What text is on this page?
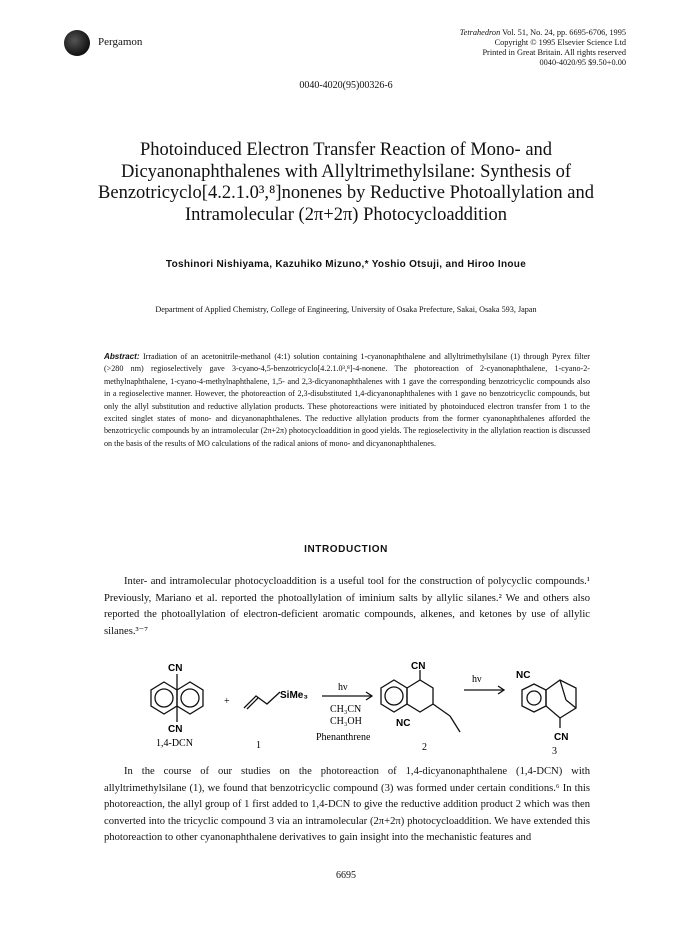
Pergamon
Tetrahedron Vol. 51, No. 24, pp. 6695-6706, 1995
Copyright © 1995 Elsevier Science Ltd
Printed in Great Britain. All rights reserved
0040-4020/95 $9.50+0.00
0040-4020(95)00326-6
Photoinduced Electron Transfer Reaction of Mono- and
Dicyanonaphthalenes with Allyltrimethylsilane: Synthesis of
Benzotricyclo[4.2.1.0³,⁸]nonenes by Reductive Photoallylation and
Intramolecular (2π+2π) Photocycloaddition
Toshinori Nishiyama, Kazuhiko Mizuno,* Yoshio Otsuji, and Hiroo Inoue
Department of Applied Chemistry, College of Engineering, University of Osaka Prefecture, Sakai, Osaka 593, Japan
Abstract: Irradiation of an acetonitrile-methanol (4:1) solution containing 1-cyanonaphthalene and allyltrimethylsilane (1) through Pyrex filter (>280 nm) regioselectively gave 3-cyano-4,5-benzotricyclo[4.2.1.0³,⁸]-4-nonene. The photoreaction of 2-cyanonaphthalene, 1-cyano-2-methylnaphthalene, 1-cyano-4-methylnaphthalene, 1,5- and 2,3-dicyanonaphthalenes with 1 gave the corresponding benzotricyclic compounds also in a regioselective manner. However, the photoreaction of 2,3-disubstituted 1,4-dicyanonaphthalenes with 1 gave no benzotricyclic compounds, but only the allyl substitution and reductive allylation products. These photoreactions were initiated by photoinduced electron transfer from 1 to the excited singlet states of mono- and dicyanonaphthalenes. The reductive allylation products from the former cyanonaphthalenes afforded the benzotricyclic compounds by an intramolecular (2π+2π) photocycloaddition in good yields. The regioselectivity in the allylation reaction is discussed on the basis of the results of MO calculations of the radical anions of mono- and dicyanonaphthalenes.
INTRODUCTION
Inter- and intramolecular photocycloaddition is a useful tool for the construction of polycyclic compounds.¹ Previously, Mariano et al. reported the photoallylation of iminium salts by allylic silanes.² We and others also reported the photoallylation of electron-deficient aromatic compounds, alkenes, and ketones by use of allylic silanes.³⁻⁷
CN
CN
1,4-DCN
+
SiMe₃
1
hν
CH₃CN
CH₃OH
Phenanthrene
CN
NC
2
hν	NC
CN
3
In the course of our studies on the photoreaction of 1,4-dicyanonaphthalene (1,4-DCN) with allyltrimethylsilane (1), we found that benzotricyclic compound (3) was formed under certain conditions.⁶ In this photoreaction, the allyl group of 1 first added to 1,4-DCN to give the reductive addition product 2 which was then converted into the tricyclic compound 3 via an intramolecular (2π+2π) photocycloaddition. We have extended this photoreaction to other cyanonaphthalene derivatives to gain insight into the mechanistic features and
6695
